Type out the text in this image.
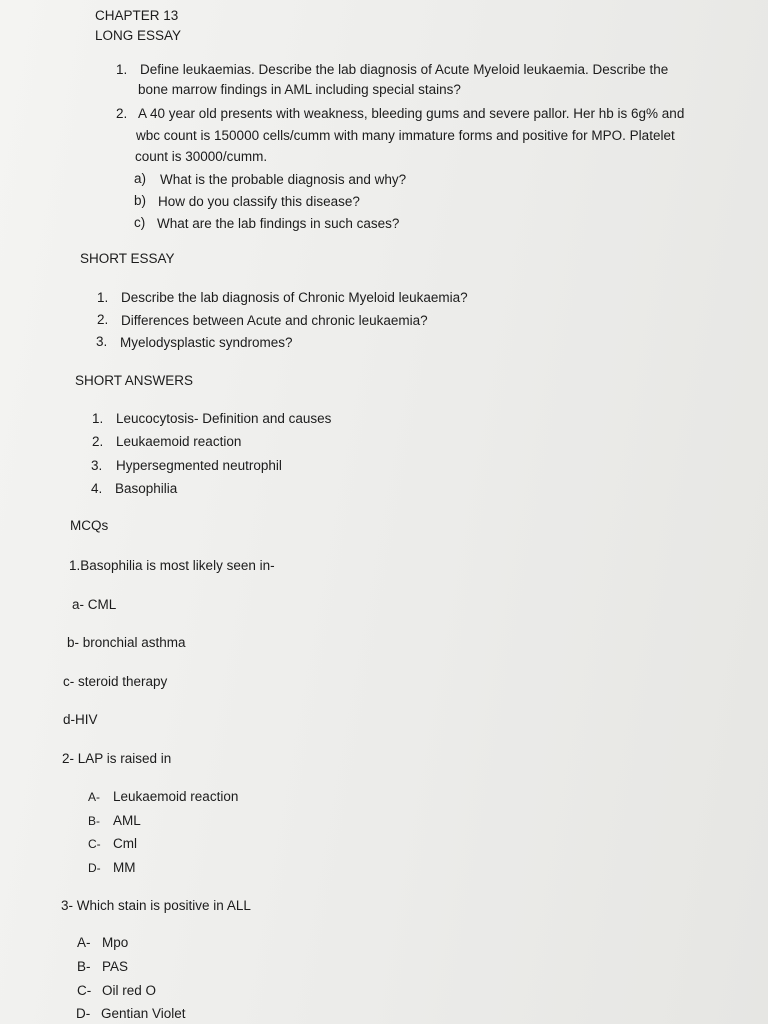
CHAPTER 13
LONG ESSAY
1. Define leukaemias. Describe the lab diagnosis of Acute Myeloid leukaemia. Describe the
bone marrow findings in AML including special stains?
2. A 40 year old presents with weakness, bleeding gums and severe pallor. Her hb is 6g% and
wbc count is 150000 cells/cumm with many immature forms and positive for MPO. Platelet
count is 30000/cumm.
a) What is the probable diagnosis and why?
b) How do you classify this disease?
c) What are the lab findings in such cases?
SHORT ESSAY
1. Describe the lab diagnosis of Chronic Myeloid leukaemia?
2. Differences between Acute and chronic leukaemia?
3. Myelodysplastic syndromes?
SHORT ANSWERS
1. Leucocytosis- Definition and causes
2. Leukaemoid reaction
3. Hypersegmented neutrophil
4. Basophilia
MCQs
1.Basophilia is most likely seen in-
a- CML
b- bronchial asthma
c- steroid therapy
d-HIV
2- LAP is raised in
A- Leukaemoid reaction
B- AML
C- Cml
D- MM
3- Which stain is positive in ALL
A- Mpo
B- PAS
C- Oil red O
D- Gentian Violet
